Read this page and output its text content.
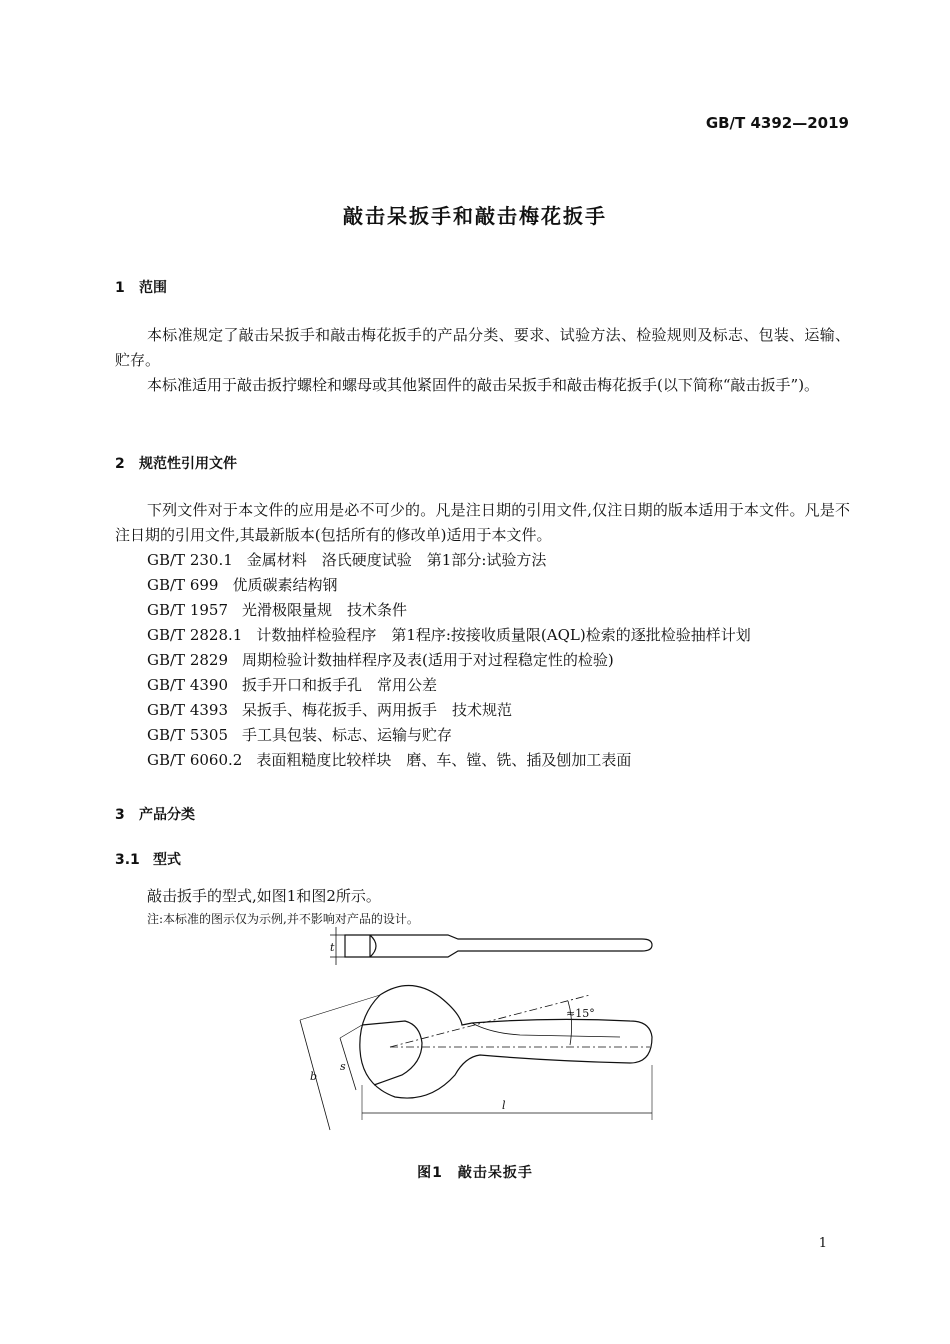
GB/T 4392—2019
敲击呆扳手和敲击梅花扳手
1 范围
本标准规定了敲击呆扳手和敲击梅花扳手的产品分类、要求、试验方法、检验规则及标志、包装、运输、贮存。
本标准适用于敲击扳拧螺栓和螺母或其他紧固件的敲击呆扳手和敲击梅花扳手(以下简称“敲击扳手”)。
2 规范性引用文件
下列文件对于本文件的应用是必不可少的。凡是注日期的引用文件,仅注日期的版本适用于本文件。凡是不注日期的引用文件,其最新版本(包括所有的修改单)适用于本文件。
GB/T 230.1 金属材料　洛氏硬度试验　第1部分:试验方法
GB/T 699 优质碳素结构钢
GB/T 1957 光滑极限量规　技术条件
GB/T 2828.1 计数抽样检验程序　第1程序:按接收质量限(AQL)检索的逐批检验抽样计划
GB/T 2829 周期检验计数抽样程序及表(适用于对过程稳定性的检验)
GB/T 4390 扳手开口和扳手孔　常用公差
GB/T 4393 呆扳手、梅花扳手、两用扳手　技术规范
GB/T 5305 手工具包装、标志、运输与贮存
GB/T 6060.2 表面粗糙度比较样块　磨、车、镗、铣、插及刨加工表面
3 产品分类
3.1 型式
敲击扳手的型式,如图1和图2所示。
注:本标准的图示仅为示例,并不影响对产品的设计。
t
b
s
l
≈15°
图1　敲击呆扳手
1
